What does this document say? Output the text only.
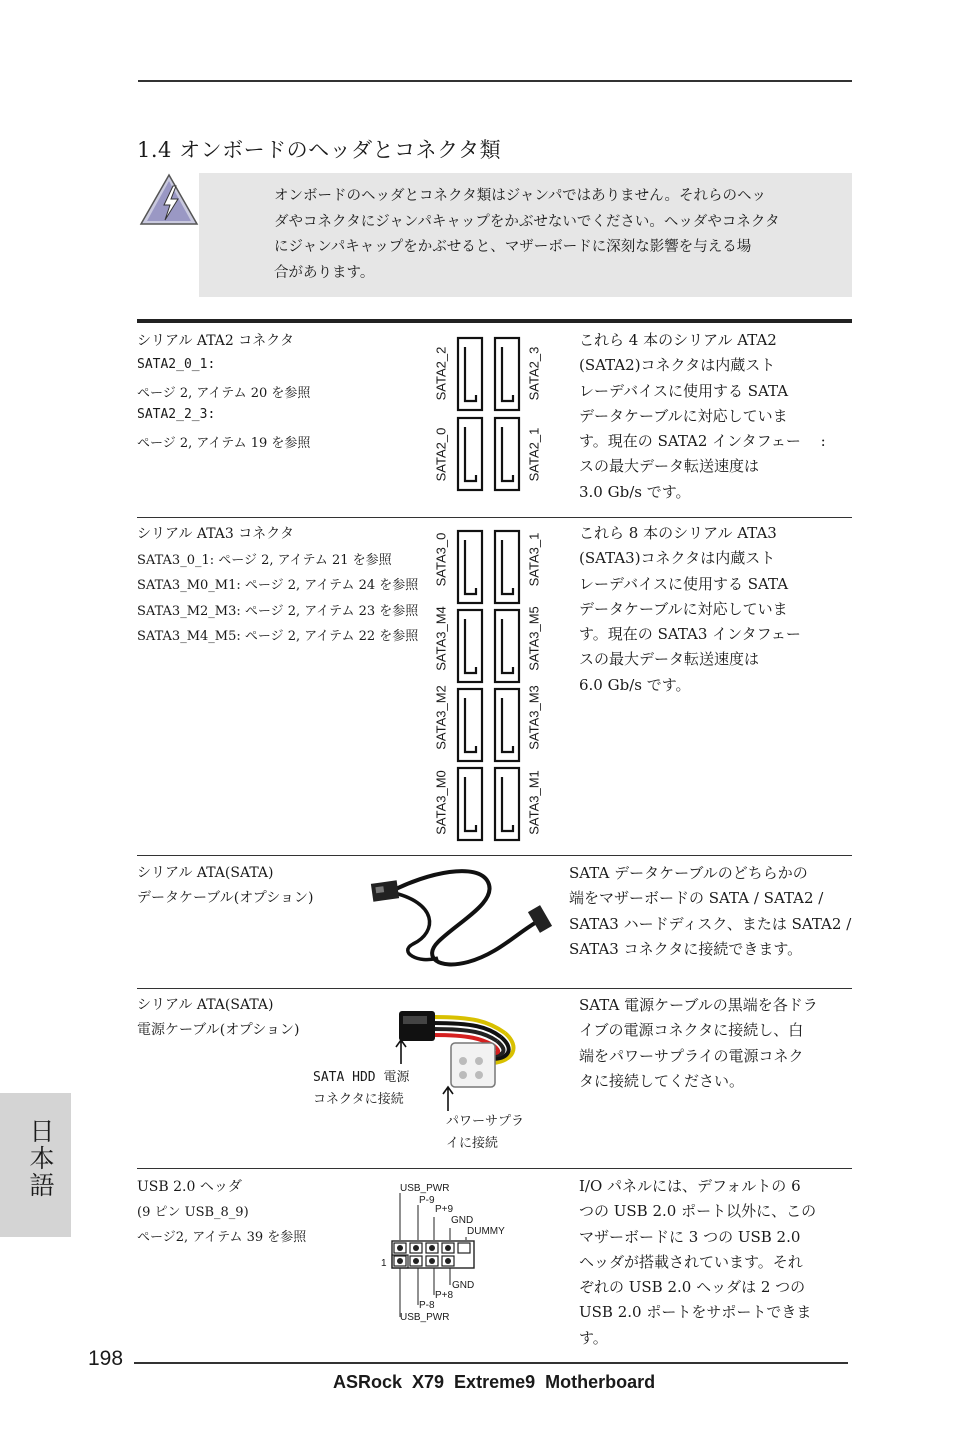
1.4 オンボードのヘッダとコネクタ類
オンボードのヘッダとコネクタ類はジャンパではありません。それらのヘッ
ダやコネクタにジャンパキャップをかぶせないでください。ヘッダやコネクタ
にジャンパキャップをかぶせると、マザーボードに深刻な影響を与える場
合があります。
シリアル ATA2 コネクタ
SATA2_0_1:
ページ 2, アイテム 20 を参照
SATA2_2_3:
ページ 2, アイテム 19 を参照
SATA2_2
SATA2_0
SATA2_3
SATA2_1
これら 4 本のシリアル ATA2
(SATA2)コネクタは内蔵スト
レーデバイスに使用する SATA
データケーブルに対応していま
す。現在の SATA2 インタフェー　 :
スの最大データ転送速度は
3.0 Gb/s です。
シリアル ATA3 コネクタ
SATA3_0_1: ページ 2, アイテム 21 を参照
SATA3_M0_M1: ページ 2, アイテム 24 を参照
SATA3_M2_M3: ページ 2, アイテム 23 を参照
SATA3_M4_M5: ページ 2, アイテム 22 を参照
SATA3_0
SATA3_M4
SATA3_M2
SATA3_M0
SATA3_1
SATA3_M5
SATA3_M3
SATA3_M1
これら 8 本のシリアル ATA3
(SATA3)コネクタは内蔵スト
レーデバイスに使用する SATA
データケーブルに対応していま
す。現在の SATA3 インタフェー
スの最大データ転送速度は
6.0 Gb/s です。
シリアル ATA(SATA)
データケーブル(オプション)
SATA データケーブルのどちらかの
端をマザーボードの SATA / SATA2 /
SATA3 ハードディスク、または SATA2 /
SATA3 コネクタに接続できます。
シリアル ATA(SATA)
電源ケーブル(オプション)
SATA HDD 電源
コネクタに接続
パワーサプラ
イに接続
SATA 電源ケーブルの黒端を各ドラ
イブの電源コネクタに接続し、白
端をパワーサプライの電源コネク
タに接続してください。
USB 2.0 ヘッダ
(9 ピン USB_8_9)
ページ2, アイテム 39 を参照
USB_PWR
P-9
P+9
GND
DUMMY
1
GND
P+8
P-8
USB_PWR
I/O パネルには、デフォルトの 6
つの USB 2.0 ポート以外に、この
マザーボードに 3 つの USB 2.0
ヘッダが搭載されています。それ
ぞれの USB 2.0 ヘッダは 2 つの
USB 2.0 ポートをサポートできま
す。
日本語
198
ASRock  X79  Extreme9  Motherboard
